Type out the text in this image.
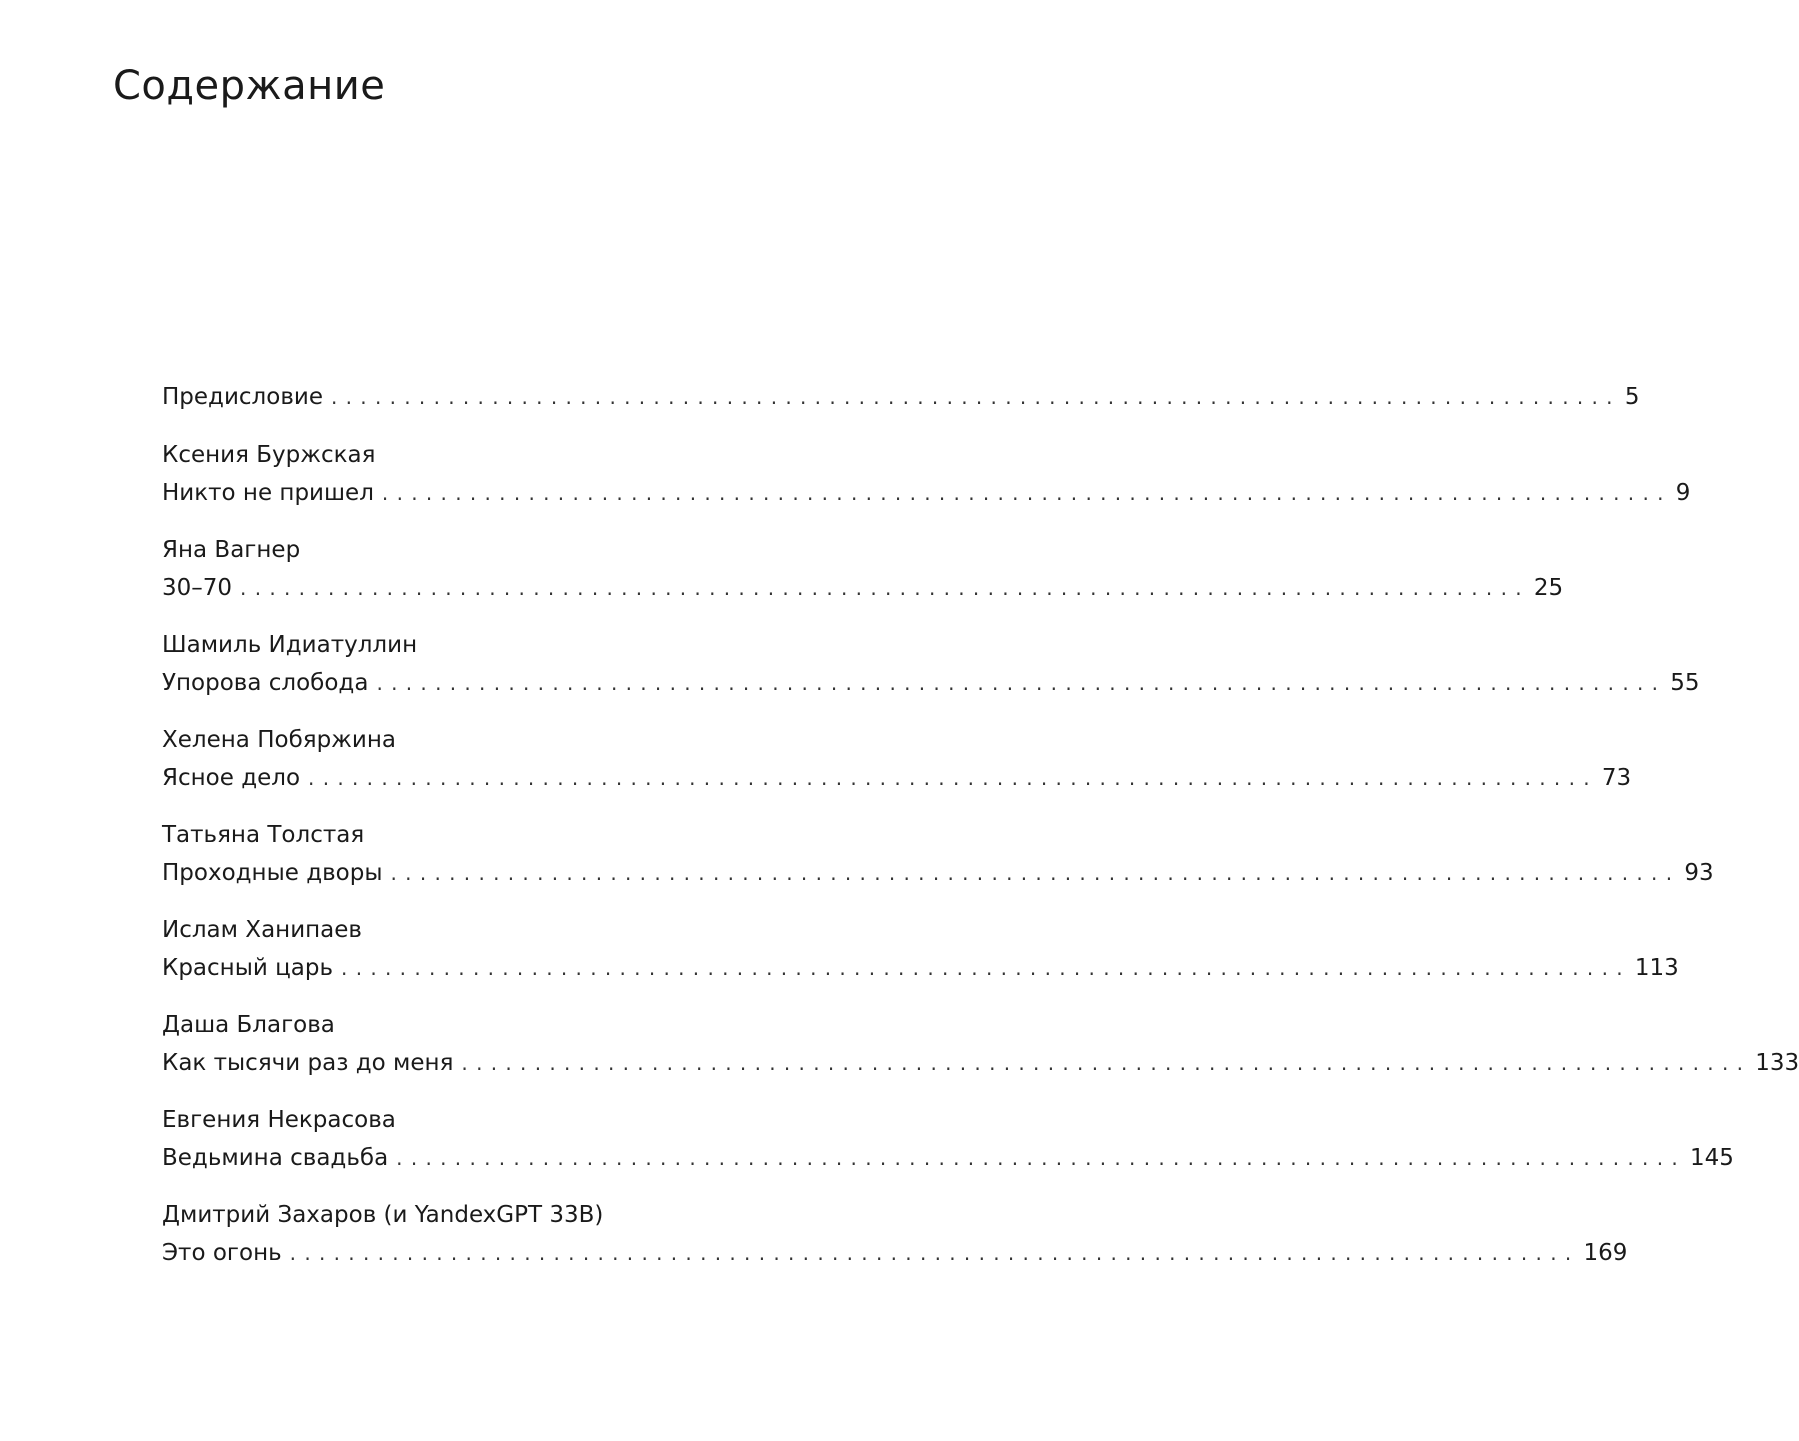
Содержание
Предисловие ........................................................................................ 5
Ксения Буржская
Никто не пришел ........................................................................................ 9
Яна Вагнер
30–70 ........................................................................................ 25
Шамиль Идиатуллин
Упорова слобода ........................................................................................ 55
Хелена Побяржина
Ясное дело ........................................................................................ 73
Татьяна Толстая
Проходные дворы ........................................................................................ 93
Ислам Ханипаев
Красный царь ........................................................................................ 113
Даша Благова
Как тысячи раз до меня ........................................................................................ 133
Евгения Некрасова
Ведьмина свадьба ........................................................................................ 145
Дмитрий Захаров (и YandexGPT 33B)
Это огонь ........................................................................................ 169
